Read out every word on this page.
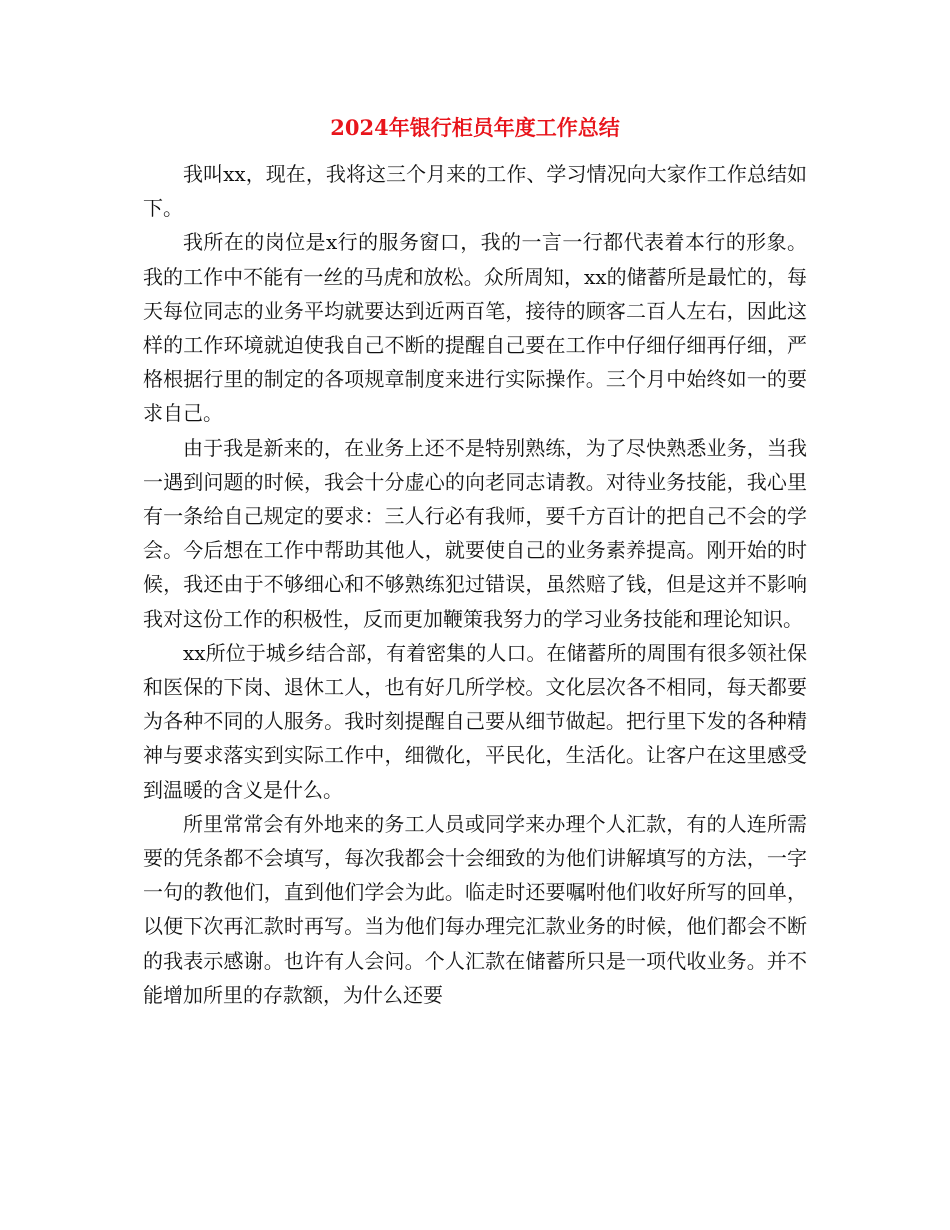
2024年银行柜员年度工作总结

我叫xx，现在，我将这三个月来的工作、学习情况向大家作工作总结如下。

我所在的岗位是x行的服务窗口，我的一言一行都代表着本行的形象。我的工作中不能有一丝的马虎和放松。众所周知，xx的储蓄所是最忙的，每天每位同志的业务平均就要达到近两百笔，接待的顾客二百人左右，因此这样的工作环境就迫使我自己不断的提醒自己要在工作中仔细仔细再仔细，严格根据行里的制定的各项规章制度来进行实际操作。三个月中始终如一的要求自己。

由于我是新来的，在业务上还不是特别熟练，为了尽快熟悉业务，当我一遇到问题的时候，我会十分虚心的向老同志请教。对待业务技能，我心里有一条给自己规定的要求：三人行必有我师，要千方百计的把自己不会的学会。今后想在工作中帮助其他人，就要使自己的业务素养提高。刚开始的时候，我还由于不够细心和不够熟练犯过错误，虽然赔了钱，但是这并不影响我对这份工作的积极性，反而更加鞭策我努力的学习业务技能和理论知识。

xx所位于城乡结合部，有着密集的人口。在储蓄所的周围有很多领社保和医保的下岗、退休工人，也有好几所学校。文化层次各不相同，每天都要为各种不同的人服务。我时刻提醒自己要从细节做起。把行里下发的各种精神与要求落实到实际工作中，细微化，平民化，生活化。让客户在这里感受到温暖的含义是什么。

所里常常会有外地来的务工人员或同学来办理个人汇款，有的人连所需要的凭条都不会填写，每次我都会十会细致的为他们讲解填写的方法，一字一句的教他们，直到他们学会为此。临走时还要嘱咐他们收好所写的回单，以便下次再汇款时再写。当为他们每办理完汇款业务的时候，他们都会不断的我表示感谢。也许有人会问。个人汇款在储蓄所只是一项代收业务。并不能增加所里的存款额，为什么还要
